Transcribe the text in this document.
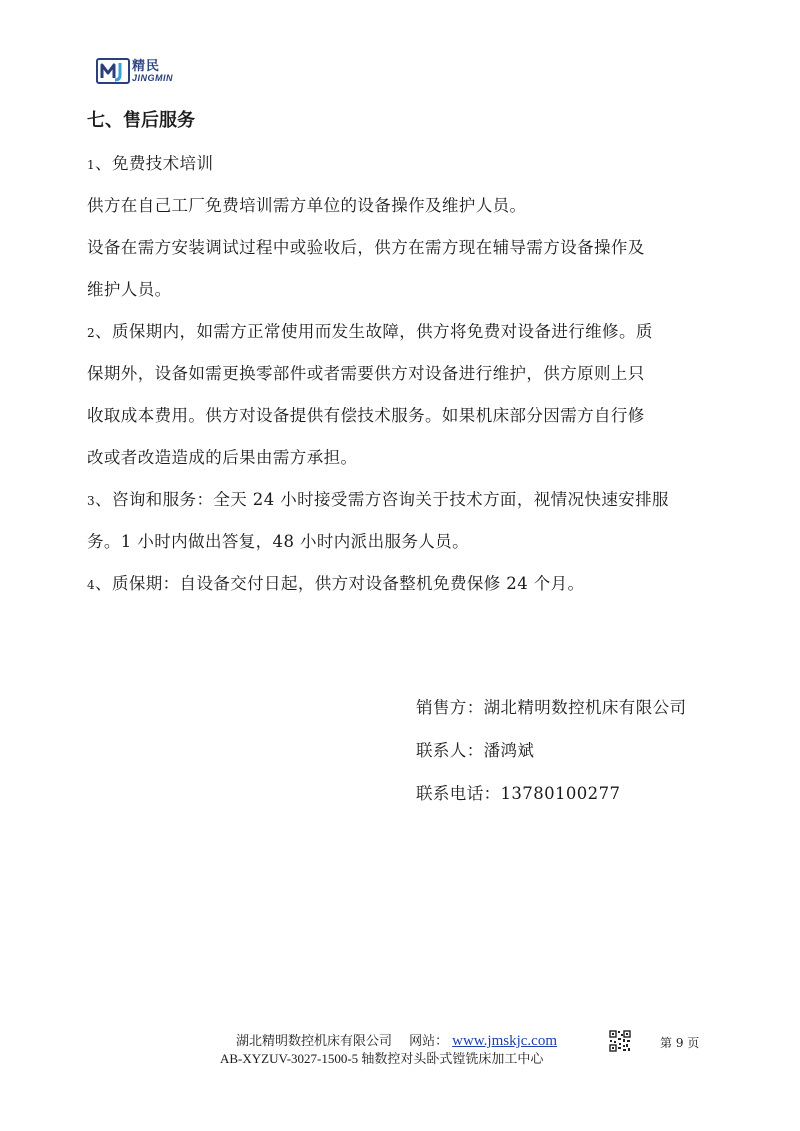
精民
JINGMIN
七、售后服务
1、免费技术培训
供方在自己工厂免费培训需方单位的设备操作及维护人员。
设备在需方安装调试过程中或验收后，供方在需方现在辅导需方设备操作及
维护人员。
2、质保期内，如需方正常使用而发生故障，供方将免费对设备进行维修。质
保期外，设备如需更换零部件或者需要供方对设备进行维护，供方原则上只
收取成本费用。供方对设备提供有偿技术服务。如果机床部分因需方自行修
改或者改造造成的后果由需方承担。
3、咨询和服务：全天 24 小时接受需方咨询关于技术方面，视情况快速安排服
务。1 小时内做出答复，48 小时内派出服务人员。
4、质保期：自设备交付日起，供方对设备整机免费保修 24 个月。
销售方：湖北精明数控机床有限公司
联系人：潘鸿斌
联系电话：13780100277
湖北精明数控机床有限公司　 网站： www.jmskjc.com
AB-XYZUV-3027-1500-5 轴数控对头卧式镗铣床加工中心
第 9 页
